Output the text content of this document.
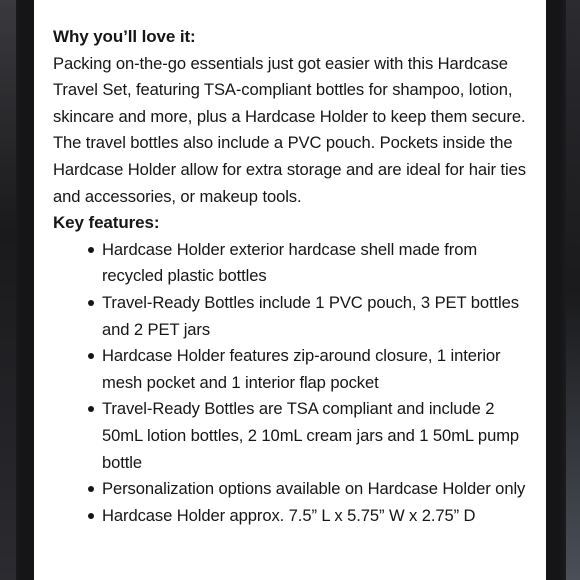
Why you’ll love it:

Packing on-the-go essentials just got easier with this Hardcase Travel Set, featuring TSA-compliant bottles for shampoo, lotion, skincare and more, plus a Hardcase Holder to keep them secure. The travel bottles also include a PVC pouch. Pockets inside the Hardcase Holder allow for extra storage and are ideal for hair ties and accessories, or makeup tools.

Key features:
Hardcase Holder exterior hardcase shell made from recycled plastic bottles
Travel-Ready Bottles include 1 PVC pouch, 3 PET bottles and 2 PET jars
Hardcase Holder features zip-around closure, 1 interior mesh pocket and 1 interior flap pocket
Travel-Ready Bottles are TSA compliant and include 2 50mL lotion bottles, 2 10mL cream jars and 1 50mL pump bottle
Personalization options available on Hardcase Holder only
Hardcase Holder approx. 7.5” L x 5.75” W x 2.75” D
